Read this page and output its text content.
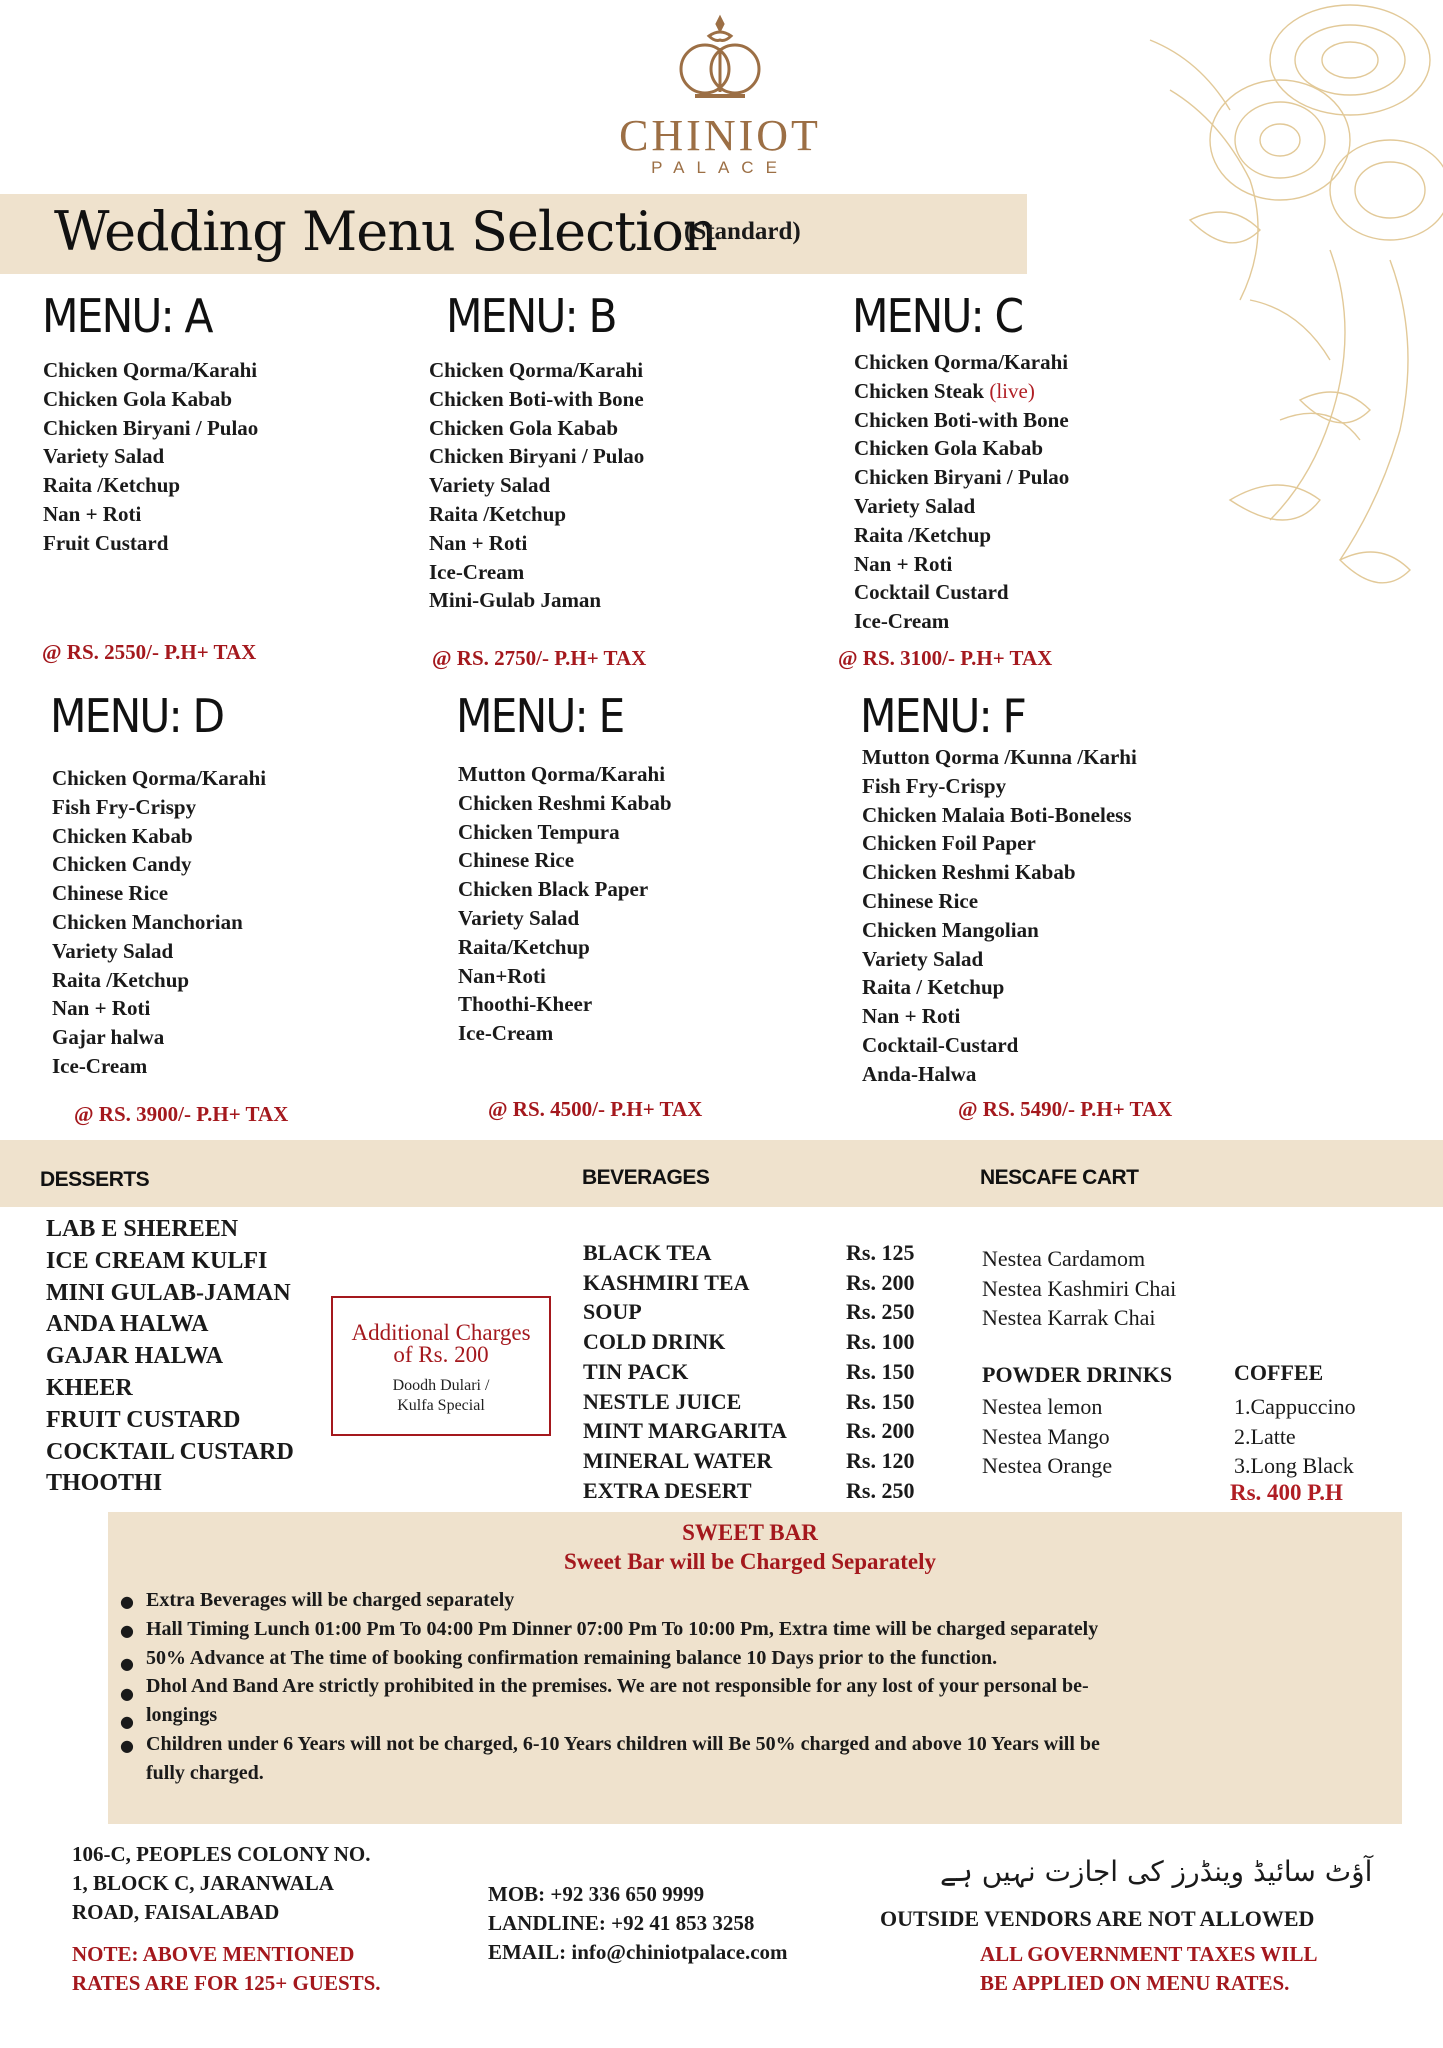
CHINIOT
PALACE
Wedding Menu Selection
(Standard)
MENU: A
Chicken Qorma/Karahi
Chicken Gola Kabab
Chicken Biryani / Pulao
Variety Salad
Raita /Ketchup
Nan + Roti
Fruit Custard
@ RS. 2550/- P.H+ TAX
MENU: B
Chicken Qorma/Karahi
Chicken Boti-with Bone
Chicken Gola Kabab
Chicken Biryani / Pulao
Variety Salad
Raita /Ketchup
Nan + Roti
Ice-Cream
Mini-Gulab Jaman
@ RS. 2750/- P.H+ TAX
MENU: C
Chicken Qorma/Karahi
Chicken Steak (live)
Chicken Boti-with Bone
Chicken Gola Kabab
Chicken Biryani / Pulao
Variety Salad
Raita /Ketchup
Nan + Roti
Cocktail Custard
Ice-Cream
@ RS. 3100/- P.H+ TAX
MENU: D
Chicken Qorma/Karahi
Fish Fry-Crispy
Chicken Kabab
Chicken Candy
Chinese Rice
Chicken Manchorian
Variety Salad
Raita /Ketchup
Nan + Roti
Gajar halwa
Ice-Cream
@ RS. 3900/- P.H+ TAX
MENU: E
Mutton Qorma/Karahi
Chicken Reshmi Kabab
Chicken Tempura
Chinese Rice
Chicken Black Paper
Variety Salad
Raita/Ketchup
Nan+Roti
Thoothi-Kheer
Ice-Cream
@ RS. 4500/- P.H+ TAX
MENU: F
Mutton Qorma /Kunna /Karhi
Fish Fry-Crispy
Chicken Malaia Boti-Boneless
Chicken Foil Paper
Chicken Reshmi Kabab
Chinese Rice
Chicken Mangolian
Variety Salad
Raita / Ketchup
Nan + Roti
Cocktail-Custard
Anda-Halwa
@ RS. 5490/- P.H+ TAX
DESSERTS	BEVERAGES	NESCAFE CART
LAB E SHEREEN
ICE CREAM KULFI
MINI GULAB-JAMAN
ANDA HALWA
GAJAR HALWA
KHEER
FRUIT CUSTARD
COCKTAIL CUSTARD
THOOTHI
Additional Charges
of Rs. 200
Doodh Dulari /
Kulfa Special
BLACK TEA
KASHMIRI TEA
SOUP
COLD DRINK
TIN PACK
NESTLE JUICE
MINT MARGARITA
MINERAL WATER
EXTRA DESERT
Rs. 125
Rs. 200
Rs. 250
Rs. 100
Rs. 150
Rs. 150
Rs. 200
Rs. 120
Rs. 250
Nestea Cardamom
Nestea Kashmiri Chai
Nestea Karrak Chai
POWDER DRINKS
Nestea lemon
Nestea Mango
Nestea Orange
COFFEE
1.Cappuccino
2.Latte
3.Long Black
Rs. 400 P.H
SWEET BAR
Sweet Bar will be Charged Separately
●
●
●
●
●
●
Extra Beverages will be charged separately
Hall Timing Lunch 01:00 Pm To 04:00 Pm Dinner 07:00 Pm To 10:00 Pm, Extra time will be charged separately
50% Advance at The time of booking confirmation remaining balance 10 Days prior to the function.
Dhol And Band Are strictly prohibited in the premises. We are not responsible for any lost of your personal be-
longings
Children under 6 Years will not be charged, 6-10 Years children will Be 50% charged and above 10 Years will be
fully charged.
106-C, PEOPLES COLONY NO.
1, BLOCK C, JARANWALA
ROAD, FAISALABAD
NOTE: ABOVE MENTIONED
RATES ARE FOR 125+ GUESTS.
MOB: +92 336 650 9999
LANDLINE: +92 41 853 3258
EMAIL: info@chiniotpalace.com
آؤٹ سائیڈ وینڈرز کی اجازت نہیں ہے
OUTSIDE VENDORS ARE NOT ALLOWED
ALL GOVERNMENT TAXES WILL
BE APPLIED ON MENU RATES.
